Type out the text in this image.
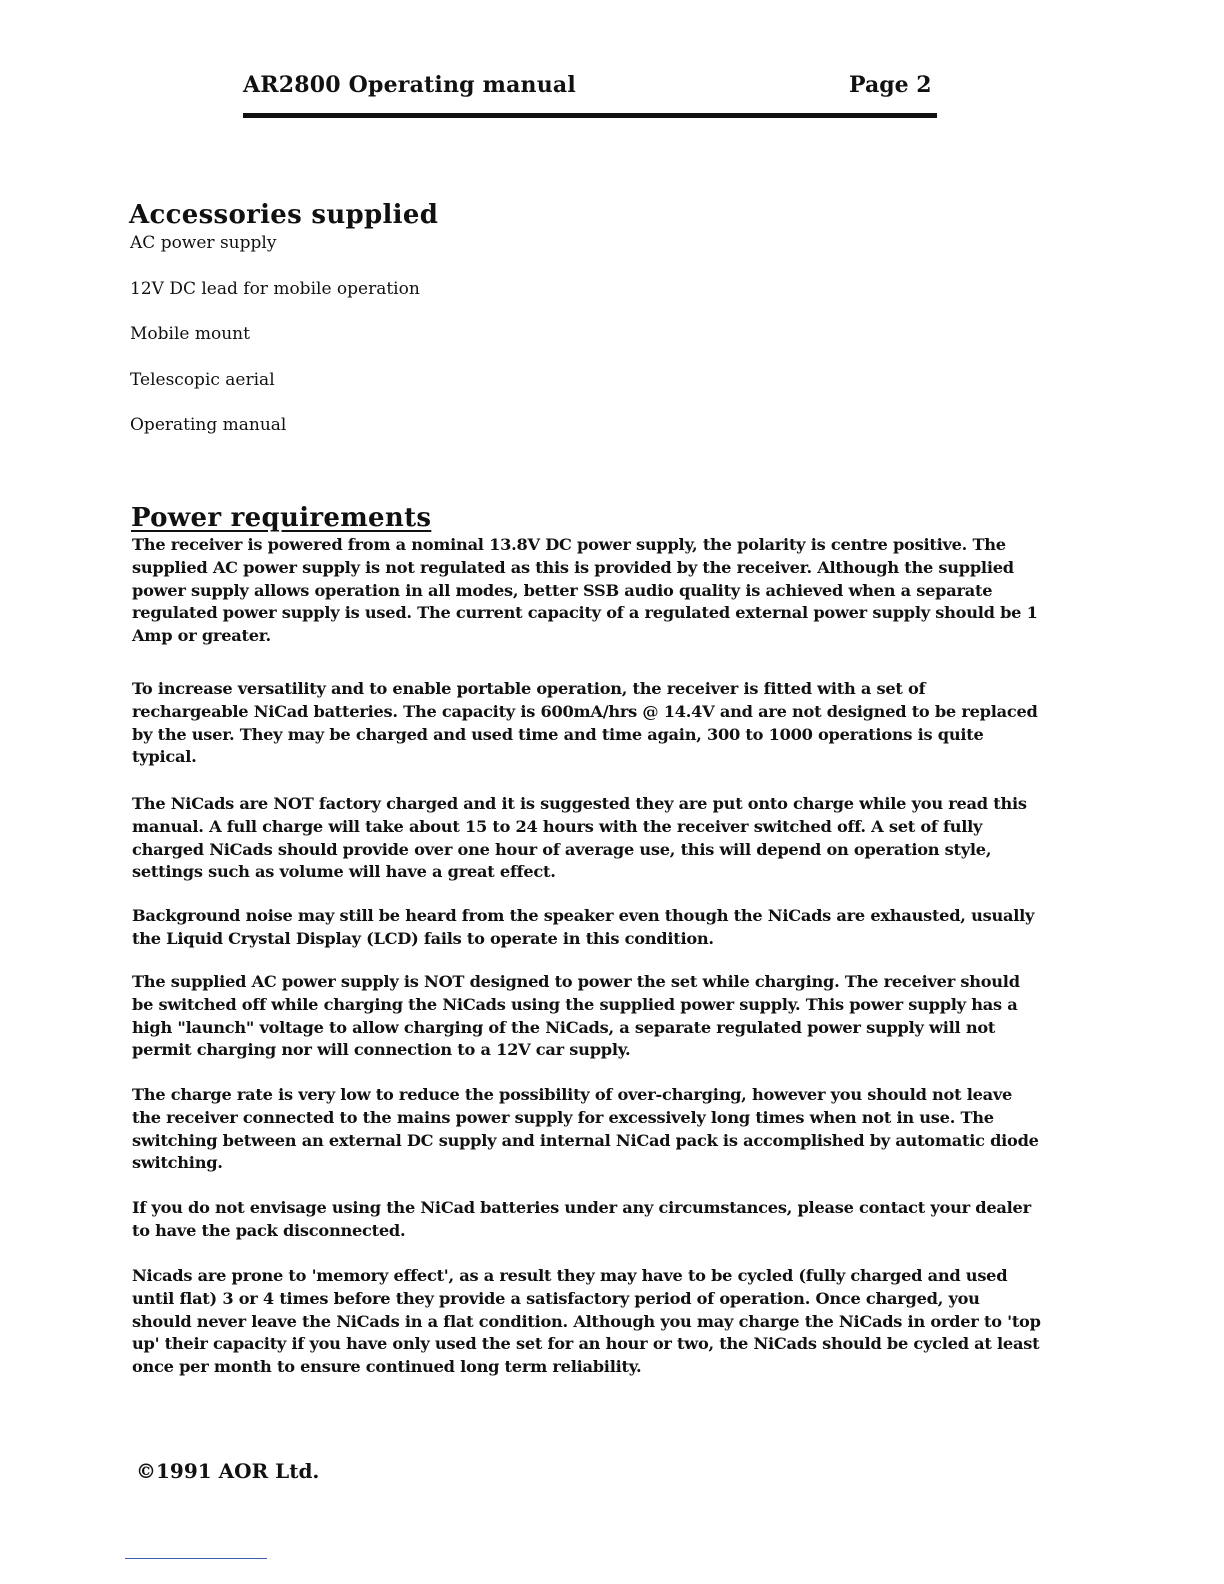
AR2800 Operating manual	Page 2
Accessories supplied
AC power supply
12V DC lead for mobile operation
Mobile mount
Telescopic aerial
Operating manual
Power requirements

The receiver is powered from a nominal 13.8V DC power supply, the polarity is centre positive. The supplied AC power supply is not regulated as this is provided by the receiver. Although the supplied power supply allows operation in all modes, better SSB audio quality is achieved when a separate regulated power supply is used. The current capacity of a regulated external power supply should be 1 Amp or greater.

To increase versatility and to enable portable operation, the receiver is fitted with a set of rechargeable NiCad batteries. The capacity is 600mA/hrs @ 14.4V and are not designed to be replaced by the user. They may be charged and used time and time again, 300 to 1000 operations is quite typical.

The NiCads are NOT factory charged and it is suggested they are put onto charge while you read this manual. A full charge will take about 15 to 24 hours with the receiver switched off. A set of fully charged NiCads should provide over one hour of average use, this will depend on operation style, settings such as volume will have a great effect.

Background noise may still be heard from the speaker even though the NiCads are exhausted, usually the Liquid Crystal Display (LCD) fails to operate in this condition.

The supplied AC power supply is NOT designed to power the set while charging. The receiver should be switched off while charging the NiCads using the supplied power supply. This power supply has a high "launch" voltage to allow charging of the NiCads, a separate regulated power supply will not permit charging nor will connection to a 12V car supply.

The charge rate is very low to reduce the possibility of over-charging, however you should not leave the receiver connected to the mains power supply for excessively long times when not in use. The switching between an external DC supply and internal NiCad pack is accomplished by automatic diode switching.

If you do not envisage using the NiCad batteries under any circumstances, please contact your dealer to have the pack disconnected.

Nicads are prone to 'memory effect', as a result they may have to be cycled (fully charged and used until flat) 3 or 4 times before they provide a satisfactory period of operation. Once charged, you should never leave the NiCads in a flat condition. Although you may charge the NiCads in order to 'top up' their capacity if you have only used the set for an hour or two, the NiCads should be cycled at least once per month to ensure continued long term reliability.

©1991 AOR Ltd.
